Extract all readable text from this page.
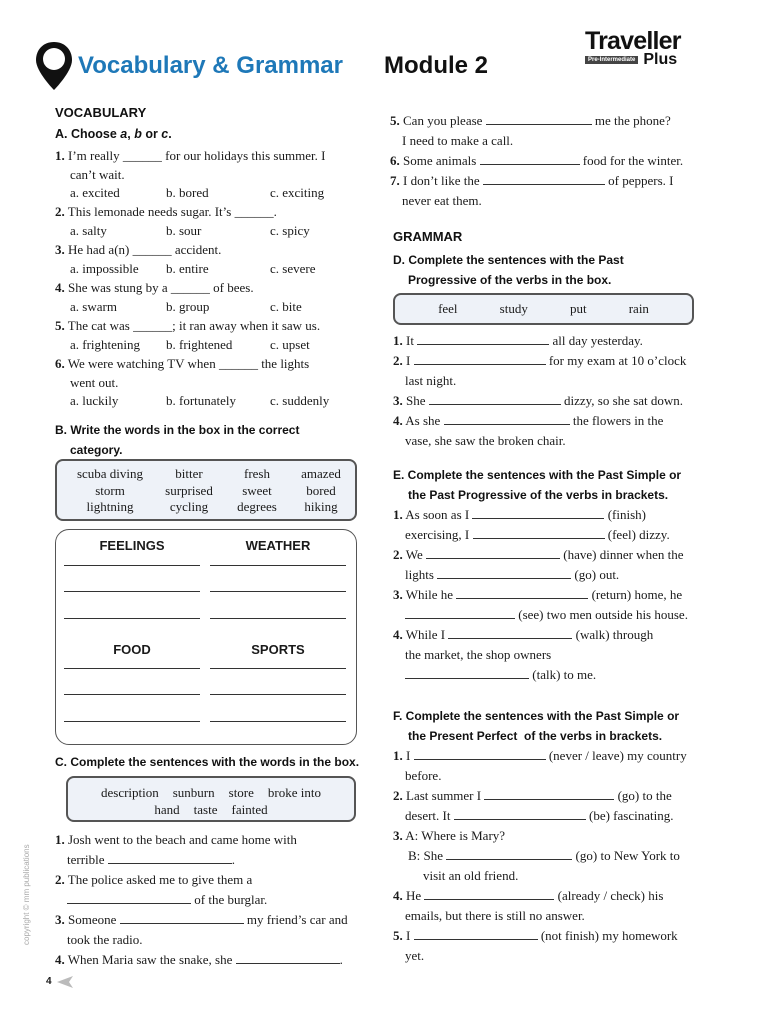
Vocabulary & Grammar Module 2
Traveller
Pre-Intermediate Plus
VOCABULARY
A. Choose a, b or c.
1. I’m really ______ for our holidays this summer. I
can’t wait.
a. excited	b. bored	c. exciting
2. This lemonade needs sugar. It’s ______.
a. salty	b. sour	c. spicy
3. He had a(n) ______ accident.
a. impossible	b. entire	c. severe
4. She was stung by a ______ of bees.
a. swarm	b. group	c. bite
5. The cat was ______; it ran away when it saw us.
a. frightening	b. frightened	c. upset
6. We were watching TV when ______ the lights
went out.
a. luckily	b. fortunately	c. suddenly
B. Write the words in the box in the correct
category.
scuba diving	bitter	fresh	amazed
storm	surprised	sweet	bored
lightning	cycling	degrees	hiking
FEELINGS	WEATHER
FOOD	SPORTS
C. Complete the sentences with the words in the box.
description sunburn store broke into
hand taste fainted
1. Josh went to the beach and came home with
terrible	.
2. The police asked me to give them a
of the burglar.
3. Someone	my friend’s car and
took the radio.
4. When Maria saw the snake, she	.
5. Can you please	me the phone?
I need to make a call.
6. Some animals	food for the winter.
7. I don’t like the	of peppers. I
never eat them.
GRAMMAR
D. Complete the sentences with the Past
Progressive of the verbs in the box.
feel	study	put	rain
1. It	all day yesterday.
2. I	for my exam at 10 o’clock
last night.
3. She	dizzy, so she sat down.
4. As she	the flowers in the
vase, she saw the broken chair.
E. Complete the sentences with the Past Simple or
the Past Progressive of the verbs in brackets.
1. As soon as I	(finish)
exercising, I	(feel) dizzy.
2. We	(have) dinner when the
lights	(go) out.
3. While he	(return) home, he
(see) two men outside his house.
4. While I	(walk) through
the market, the shop owners
(talk) to me.
F. Complete the sentences with the Past Simple or
the Present Perfect  of the verbs in brackets.
1. I	(never / leave) my country
before.
2. Last summer I	(go) to the
desert. It	(be) fascinating.
3. A: Where is Mary?
B: She	(go) to New York to
visit an old friend.
4. He	(already / check) his
emails, but there is still no answer.
5. I	(not finish) my homework
yet.
copyright © mm publications
4
